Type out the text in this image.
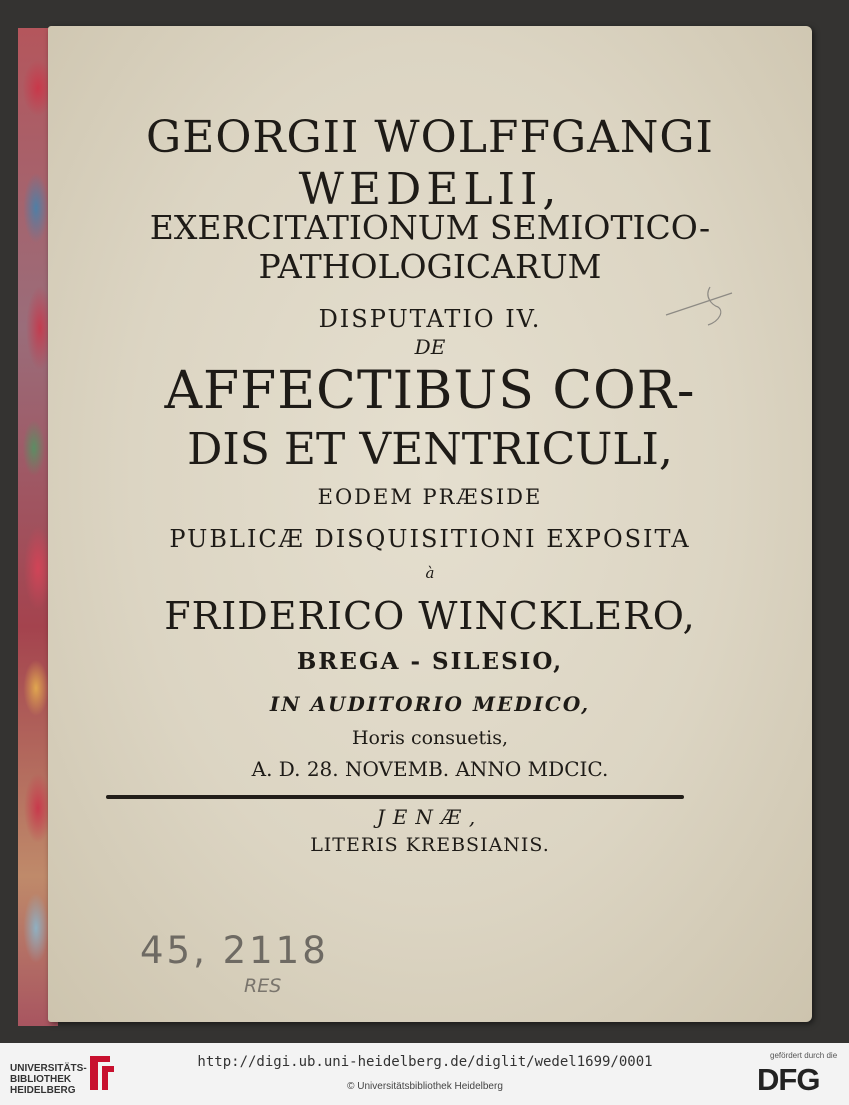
GEORGII WOLFFGANGI

WEDELII,

EXERCITATIONUM SEMIOTICO-

PATHOLOGICARUM

DISPUTATIO IV.

DE

AFFECTIBUS COR-

DIS ET VENTRICULI,

EODEM PRÆSIDE

PUBLICÆ DISQUISITIONI EXPOSITA

à

FRIDERICO WINCKLERO,

BREGA - SILESIO,

IN AUDITORIO MEDICO,

Horis consuetis,

A. D. 28. NOVEMB. ANNO MDCIC.

JENÆ,

LITERIS KREBSIANIS.

45, 2118

RES

UNIVERSITÄTS-
BIBLIOTHEK
HEIDELBERG

http://digi.ub.uni-heidelberg.de/diglit/wedel1699/0001

© Universitätsbibliothek Heidelberg

gefördert durch die

DFG
